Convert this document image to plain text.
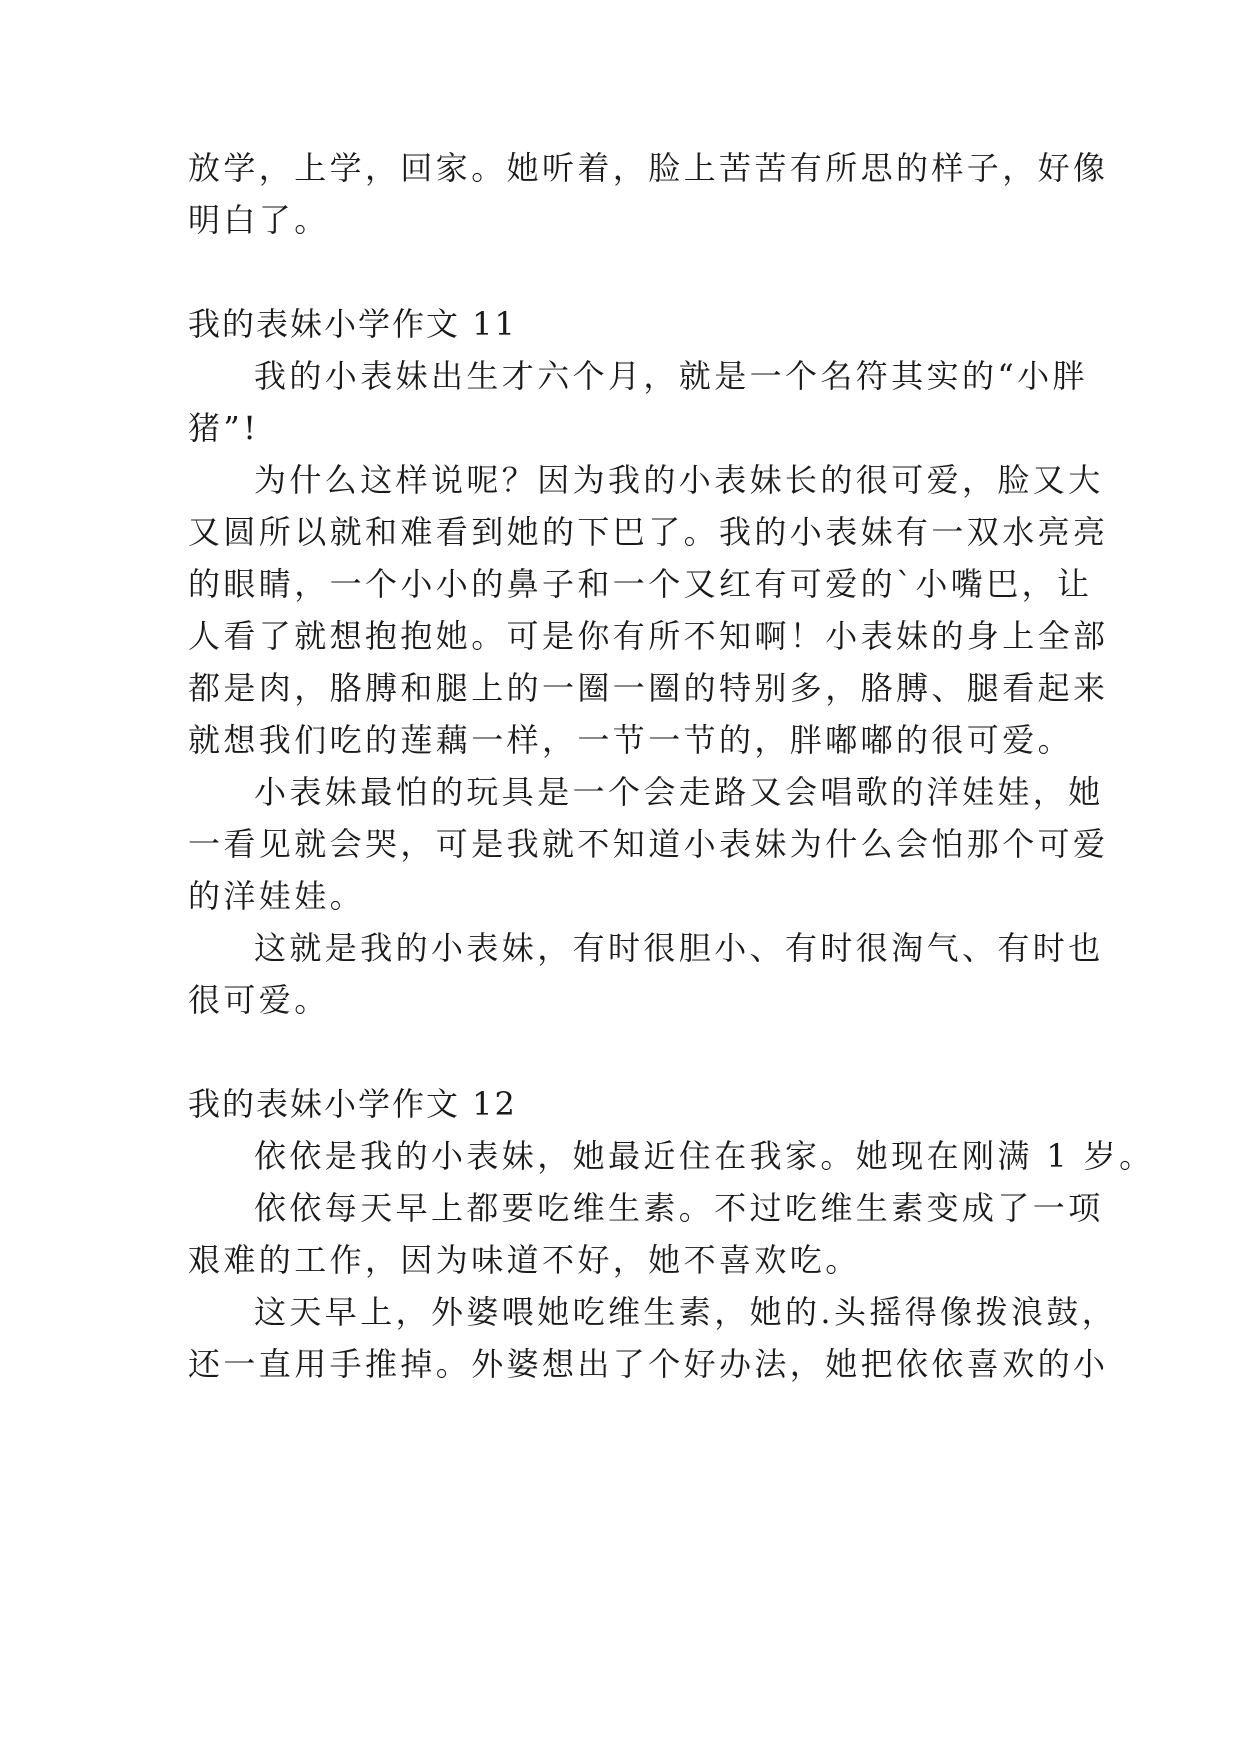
放学，上学，回家。她听着，脸上苦苦有所思的样子，好像
明白了。
我的表妹小学作文 11
我的小表妹出生才六个月，就是一个名符其实的“小胖
猪”!
为什么这样说呢？因为我的小表妹长的很可爱，脸又大
又圆所以就和难看到她的下巴了。我的小表妹有一双水亮亮
的眼睛，一个小小的鼻子和一个又红有可爱的`小嘴巴，让
人看了就想抱抱她。可是你有所不知啊！小表妹的身上全部
都是肉，胳膊和腿上的一圈一圈的特别多，胳膊、腿看起来
就想我们吃的莲藕一样，一节一节的，胖嘟嘟的很可爱。
小表妹最怕的玩具是一个会走路又会唱歌的洋娃娃，她
一看见就会哭，可是我就不知道小表妹为什么会怕那个可爱
的洋娃娃。
这就是我的小表妹，有时很胆小、有时很淘气、有时也
很可爱。
我的表妹小学作文 12
依依是我的小表妹，她最近住在我家。她现在刚满 1 岁。
依依每天早上都要吃维生素。不过吃维生素变成了一项
艰难的工作，因为味道不好，她不喜欢吃。
这天早上，外婆喂她吃维生素，她的.头摇得像拨浪鼓，
还一直用手推掉。外婆想出了个好办法，她把依依喜欢的小
